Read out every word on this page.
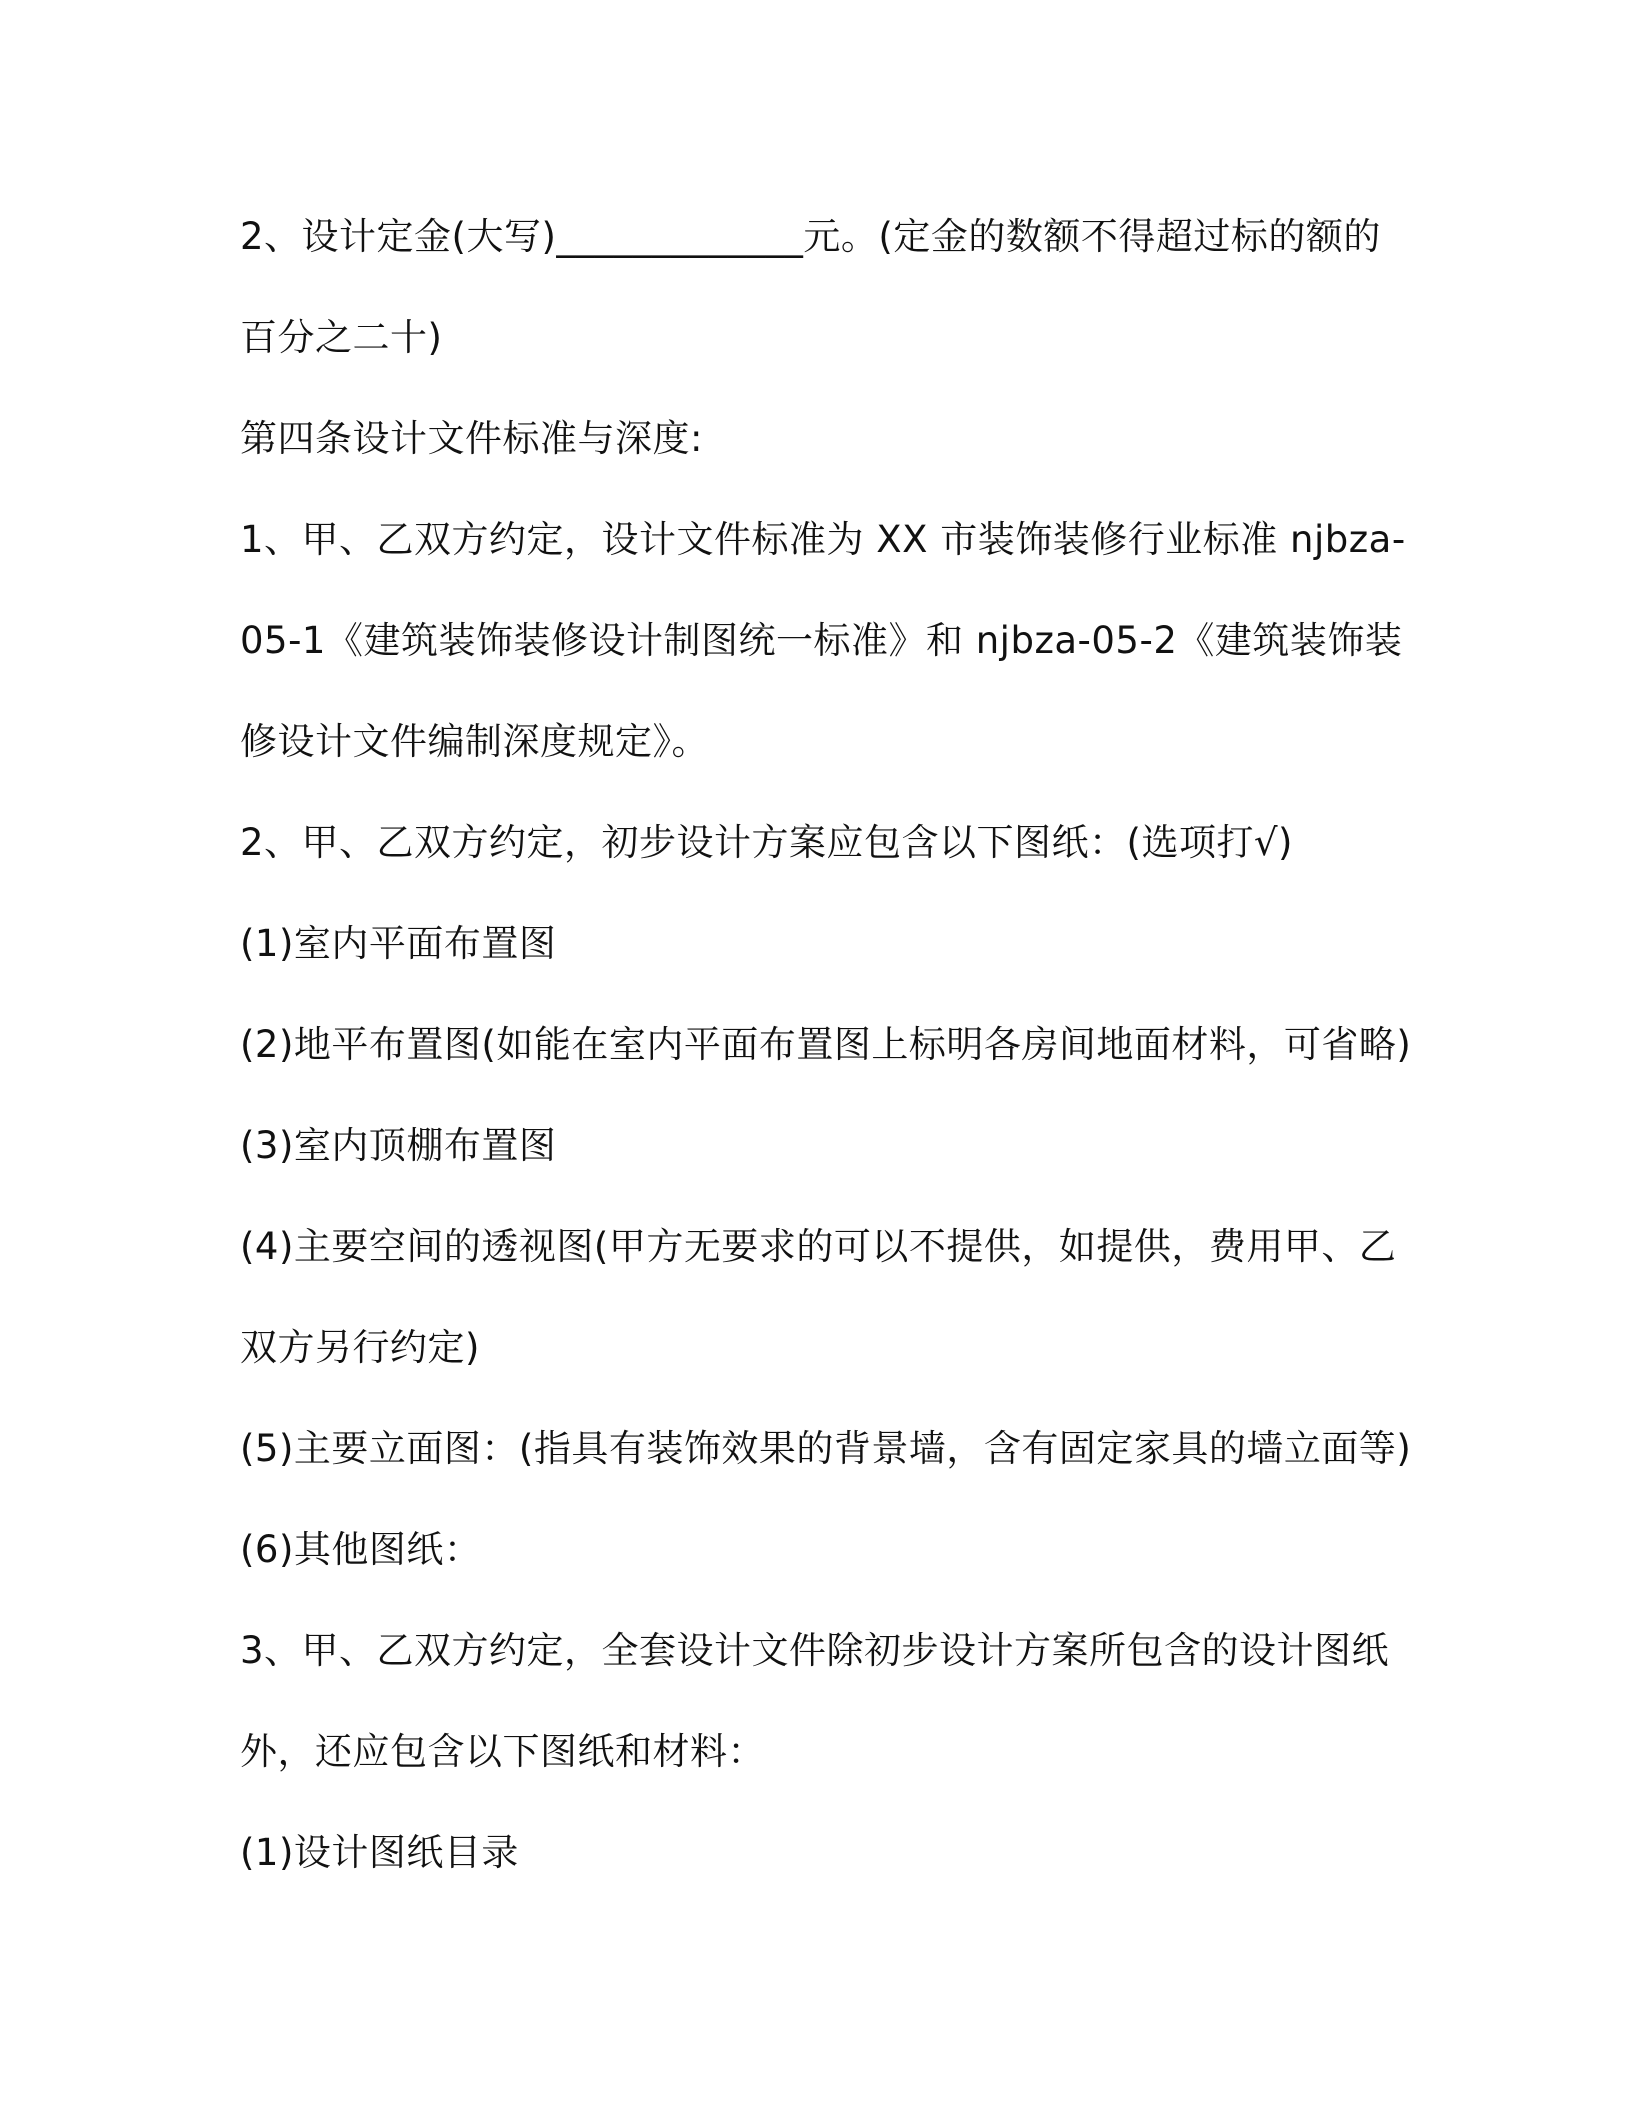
2、设计定金(大写)_____________元。(定金的数额不得超过标的额的
百分之二十)

第四条设计文件标准与深度:

1、甲、乙双方约定，设计文件标准为 XX 市装饰装修行业标准 njbza-
05-1《建筑装饰装修设计制图统一标准》和 njbza-05-2《建筑装饰装
修设计文件编制深度规定》。

2、甲、乙双方约定，初步设计方案应包含以下图纸：(选项打√)

(1)室内平面布置图

(2)地平布置图(如能在室内平面布置图上标明各房间地面材料，可省略)

(3)室内顶棚布置图

(4)主要空间的透视图(甲方无要求的可以不提供，如提供，费用甲、乙
双方另行约定)

(5)主要立面图：(指具有装饰效果的背景墙，含有固定家具的墙立面等)

(6)其他图纸：

3、甲、乙双方约定，全套设计文件除初步设计方案所包含的设计图纸
外，还应包含以下图纸和材料：

(1)设计图纸目录
